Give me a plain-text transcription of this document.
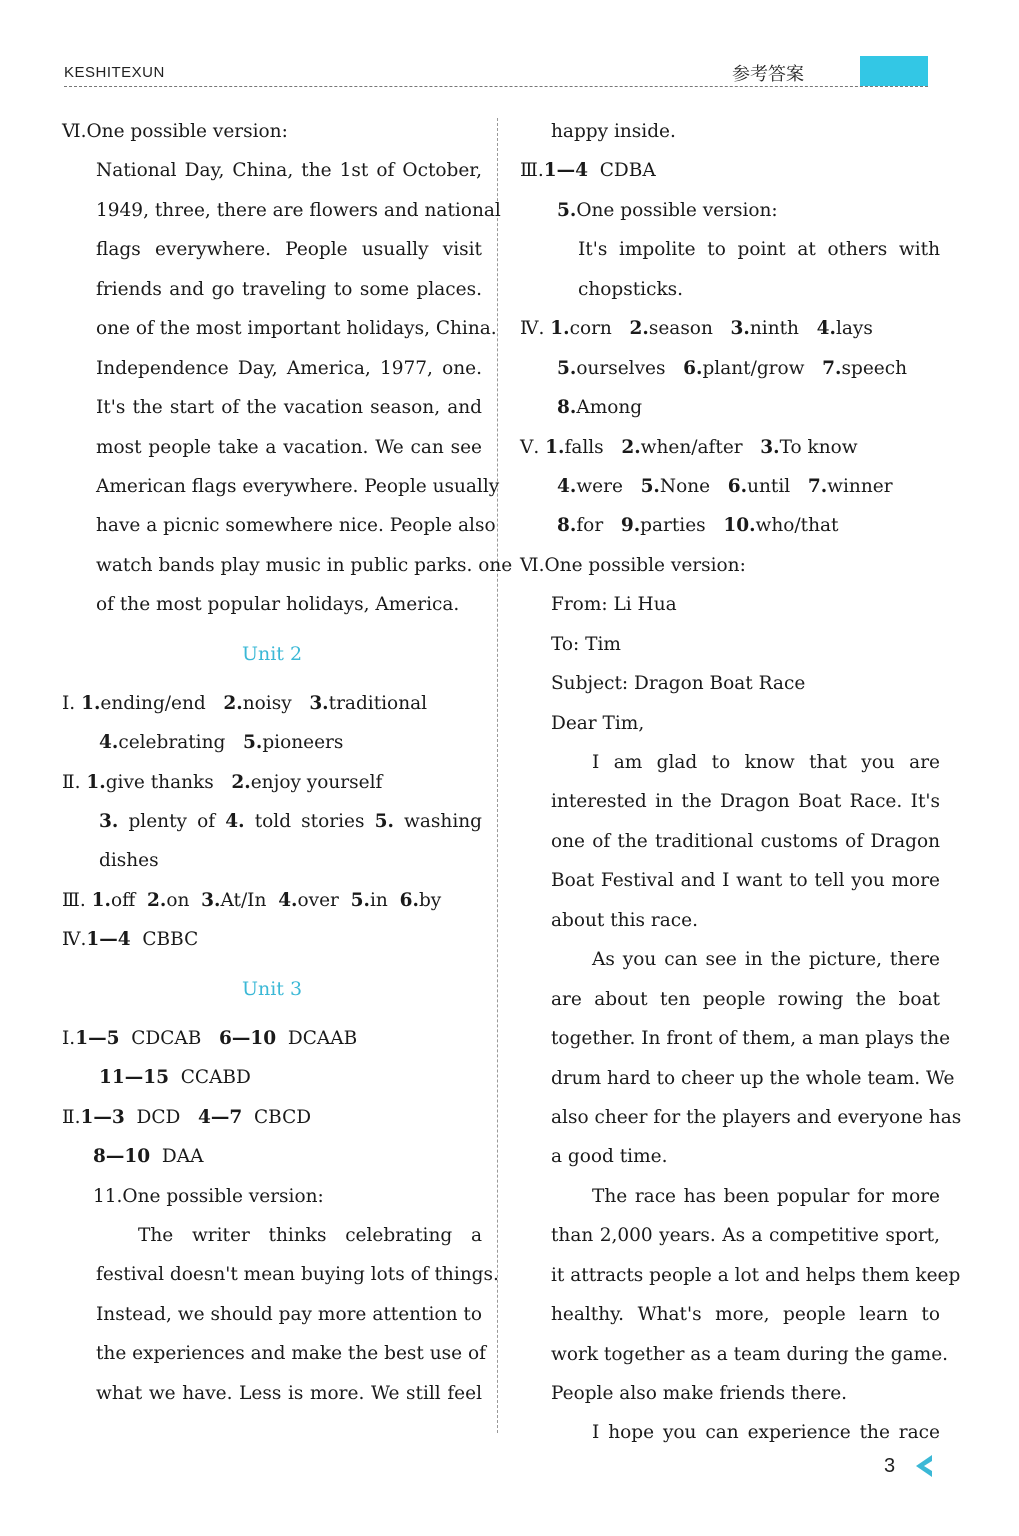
KESHITEXUN	参考答案
Ⅵ.One possible version:
National Day, China, the 1st of October,
1949, three, there are flowers and national
flags everywhere. People usually visit
friends and go traveling to some places.
one of the most important holidays, China.
Independence Day, America, 1977, one.
It's the start of the vacation season, and
most people take a vacation. We can see
American flags everywhere. People usually
have a picnic somewhere nice. People also
watch bands play music in public parks. one
of the most popular holidays, America.
Unit 2
Ⅰ. 1.ending/end 2.noisy 3.traditional
4.celebrating 5.pioneers
Ⅱ. 1.give thanks 2.enjoy yourself
3. plenty of 4. told stories 5. washing
dishes
Ⅲ. 1.off 2.on 3.At/In 4.over 5.in 6.by
Ⅳ.1—4 CBBC
Unit 3
Ⅰ.1—5 CDCAB 6—10 DCAAB
11—15 CCABD
Ⅱ.1—3 DCD 4—7 CBCD
8—10 DAA
11.One possible version:
The writer thinks celebrating a
festival doesn't mean buying lots of things.
Instead, we should pay more attention to
the experiences and make the best use of
what we have. Less is more. We still feel
happy inside.
Ⅲ.1—4 CDBA
5.One possible version:
It's impolite to point at others with
chopsticks.
Ⅳ. 1.corn 2.season 3.ninth 4.lays
5.ourselves 6.plant/grow 7.speech
8.Among
Ⅴ. 1.falls 2.when/after 3.To know
4.were 5.None 6.until 7.winner
8.for 9.parties 10.who/that
Ⅵ.One possible version:
From: Li Hua
To: Tim
Subject: Dragon Boat Race
Dear Tim,
I am glad to know that you are
interested in the Dragon Boat Race. It's
one of the traditional customs of Dragon
Boat Festival and I want to tell you more
about this race.
As you can see in the picture, there
are about ten people rowing the boat
together. In front of them, a man plays the
drum hard to cheer up the whole team. We
also cheer for the players and everyone has
a good time.
The race has been popular for more
than 2,000 years. As a competitive sport,
it attracts people a lot and helps them keep
healthy. What's more, people learn to
work together as a team during the game.
People also make friends there.
I hope you can experience the race
3
